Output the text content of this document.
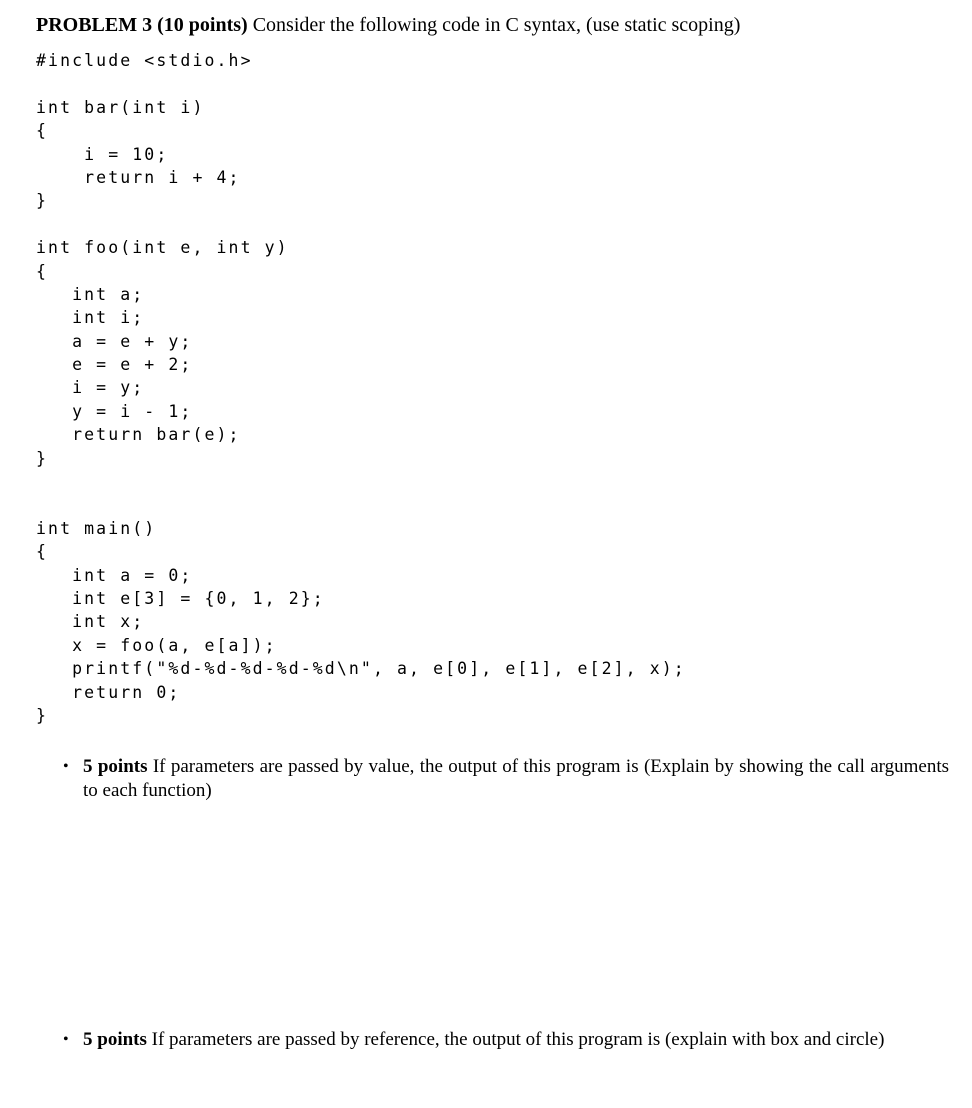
PROBLEM 3 (10 points) Consider the following code in C syntax, (use static scoping)
#include <stdio.h>
int bar(int i)
{
i = 10;
return i + 4;
}
int foo(int e, int y)
{
int a;
int i;
a = e + y;
e = e + 2;
i = y;
y = i - 1;
return bar(e);
}
int main()
{
int a = 0;
int e[3] = {0, 1, 2};
int x;
x = foo(a, e[a]);
printf("%d-%d-%d-%d-%d\n", a, e[0], e[1], e[2], x);
return 0;
}
• 5 points If parameters are passed by value, the output of this program is (Explain by showing the call arguments to each function)
• 5 points If parameters are passed by reference, the output of this program is (explain with box and circle)
